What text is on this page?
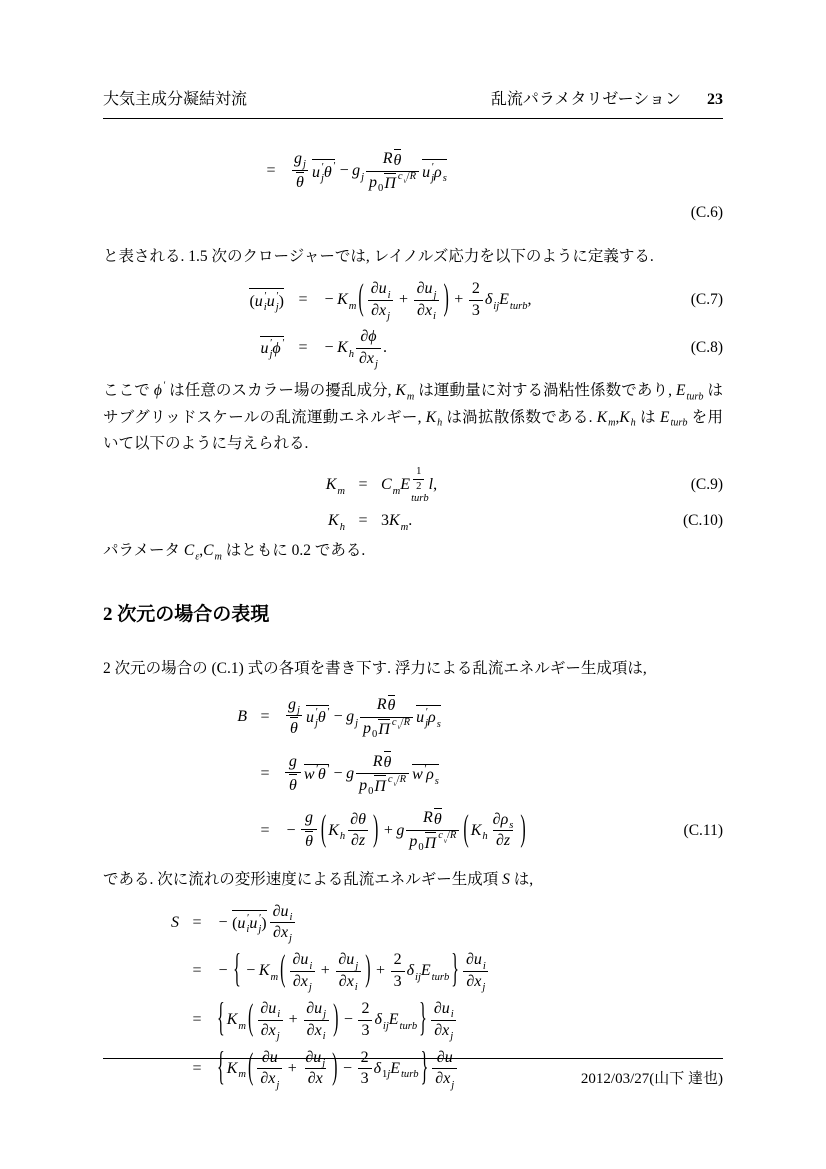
大気主成分凝結対流	乱流パラメタリゼーション 23
= $\frac{\text{g j}}{\theta}$ u ′
j θ ′ − g j $\frac{\text{R θ}}{\text{p 0 Π c v / R}}$ u ′
j ρ s
(C.6)
と表される. 1.5 次のクロージャーでは, レイノルズ応力を以下のように定義する.
( u ′
i u ′
j ) = − K m ( $\frac{\text{∂ u i}}{\text{∂ x j}} + \frac{\text{∂ u j}}{\text{∂ x i}}$ ) + $\frac{2}{3}$ δ ij E turb ,	(C.7)
u ′
j ϕ ′ = − K h $\frac{\partial \phi}{\text{∂ x j}}$ .	(C.8)
ここで ϕ ′ は任意のスカラー場の擾乱成分, K m は運動量に対する渦粘性係数であり, E turb はサブグリッドスケールの乱流運動エネルギー, K h は渦拡散係数である. K m , K h は E turb を用いて以下のように与えられる.
K m = C m E $\frac{1}{2}$
turb
l ,	(C.9)
K h = 3 K m .	(C.10)
パラメータ C ε , C m はともに 0.2 である.
2 次元の場合の表現
2 次元の場合の (C.1) 式の各項を書き下す. 浮力による乱流エネルギー生成項は,
$B = \frac{\text{g j}}{\theta}$ u ′
j θ ′ − g j $\frac{\text{R θ}}{\text{p 0 Π c v / R}}$ u ′
j ρ s
= $\frac{g}{\theta}$ w ′ θ ′ − g $\frac{\text{R θ}}{\text{p 0 Π c v / R}}$ w ′ ρ s
= − $\frac{g}{\theta}$ ( K h $\frac{\partial \theta}{\partial z}$ ) + g $\frac{\text{R θ}}{\text{p 0 Π c v / R}}$ ( K h $\frac{\text{∂ ρ s}}{\partial z}$ )	(C.11)
である. 次に流れの変形速度による乱流エネルギー生成項 S は,
S = − ( u ′
i u ′
j ) $\frac{\text{∂ u i}}{\text{∂ x j}}$
= − { − K m ( $\frac{\text{∂ u i}}{\text{∂ x j}} + \frac{\text{∂ u j}}{\text{∂ x i}}$ ) + $\frac{2}{3}$ δ ij E turb } $\frac{\text{∂ u i}}{\text{∂ x j}}$
= { K m ( $\frac{\text{∂ u i}}{\text{∂ x j}} + \frac{\text{∂ u j}}{\text{∂ x i}}$ ) − $\frac{2}{3}$ δ ij E turb } $\frac{\text{∂ u i}}{\text{∂ x j}}$
= { K m ( $\frac{\partial u}{\text{∂ x j}} + \frac{\text{∂ u j}}{\partial x}$ ) − $\frac{2}{3}$ δ 1 j E turb } $\frac{\partial u}{\text{∂ x j}}$	2012/03/27(山下 達也)
